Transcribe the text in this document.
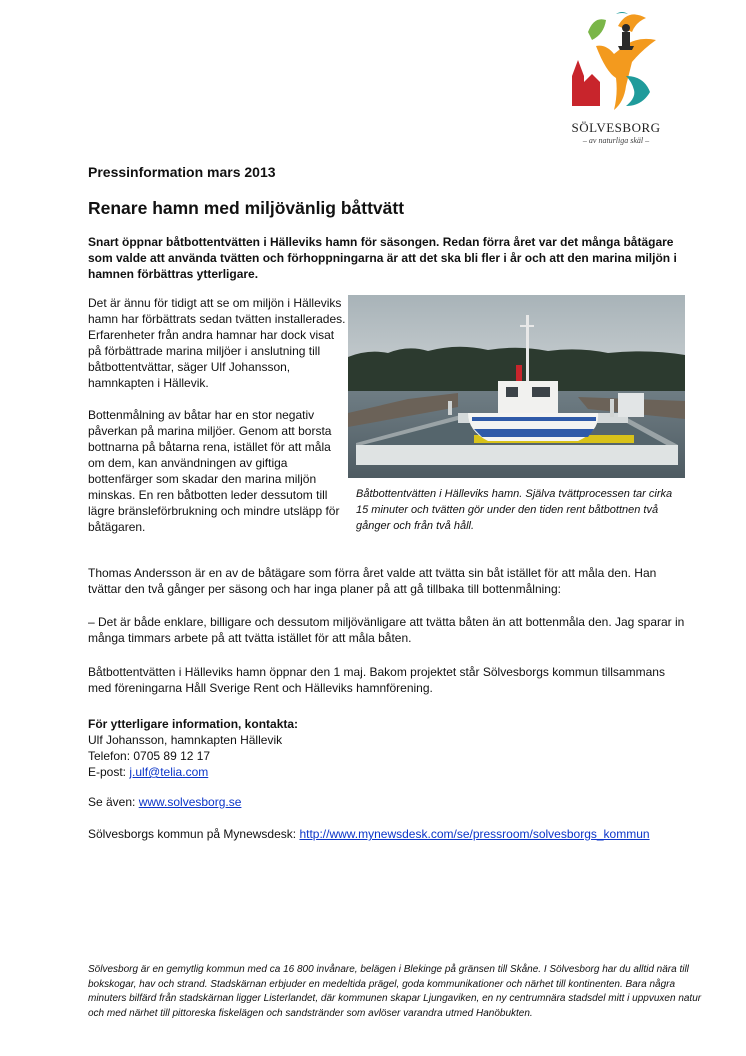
SÖLVESBORG
– av naturliga skäl –
Pressinformation mars 2013
Renare hamn med miljövänlig båttvätt

Snart öppnar båtbottentvätten i Hälleviks hamn för säsongen. Redan förra året var det många båtägare som valde att använda tvätten och förhoppningarna är att det ska bli fler i år och att den marina miljön i hamnen förbättras ytterligare.

Det är ännu för tidigt att se om miljön i Hälleviks hamn har förbättrats sedan tvätten installerades. Erfarenheter från andra hamnar har dock visat på förbättrade marina miljöer i anslutning till båtbottentvättar, säger Ulf Johansson, hamnkapten i Hällevik.

Bottenmålning av båtar har en stor negativ påverkan på marina miljöer. Genom att borsta bottnarna på båtarna rena, istället för att måla om dem, kan användningen av giftiga bottenfärger som skadar den marina miljön minskas. En ren båtbotten leder dessutom till lägre bränsleförbrukning och mindre utsläpp för båtägaren.

Båtbottentvätten i Hälleviks hamn. Själva tvättprocessen tar cirka 15 minuter och tvätten gör under den tiden rent båtbottnen två gånger och från två håll.

Thomas Andersson är en av de båtägare som förra året valde att tvätta sin båt istället för att måla den. Han tvättar den två gånger per säsong och har inga planer på att gå tillbaka till bottenmålning:

– Det är både enklare, billigare och dessutom miljövänligare att tvätta båten än att bottenmåla den. Jag sparar in många timmars arbete på att tvätta istället för att måla båten.

Båtbottentvätten i Hälleviks hamn öppnar den 1 maj. Bakom projektet står Sölvesborgs kommun tillsammans med föreningarna Håll Sverige Rent och Hälleviks hamnförening.

För ytterligare information, kontakta:
Ulf Johansson, hamnkapten Hällevik
Telefon: 0705 89 12 17
E-post: j.ulf@telia.com
Se även: www.solvesborg.se
Sölvesborgs kommun på Mynewsdesk: http://www.mynewsdesk.com/se/pressroom/solvesborgs_kommun

Sölvesborg är en gemytlig kommun med ca 16 800 invånare, belägen i Blekinge på gränsen till Skåne. I Sölvesborg har du alltid nära till bokskogar, hav och strand. Stadskärnan erbjuder en medeltida prägel, goda kommunikationer och närhet till kontinenten. Bara några minuters bilfärd från stadskärnan ligger Listerlandet, där kommunen skapar Ljungaviken, en ny centrumnära stadsdel mitt i uppvuxen natur och med närhet till pittoreska fiskelägen och sandstränder som avlöser varandra utmed Hanöbukten.
